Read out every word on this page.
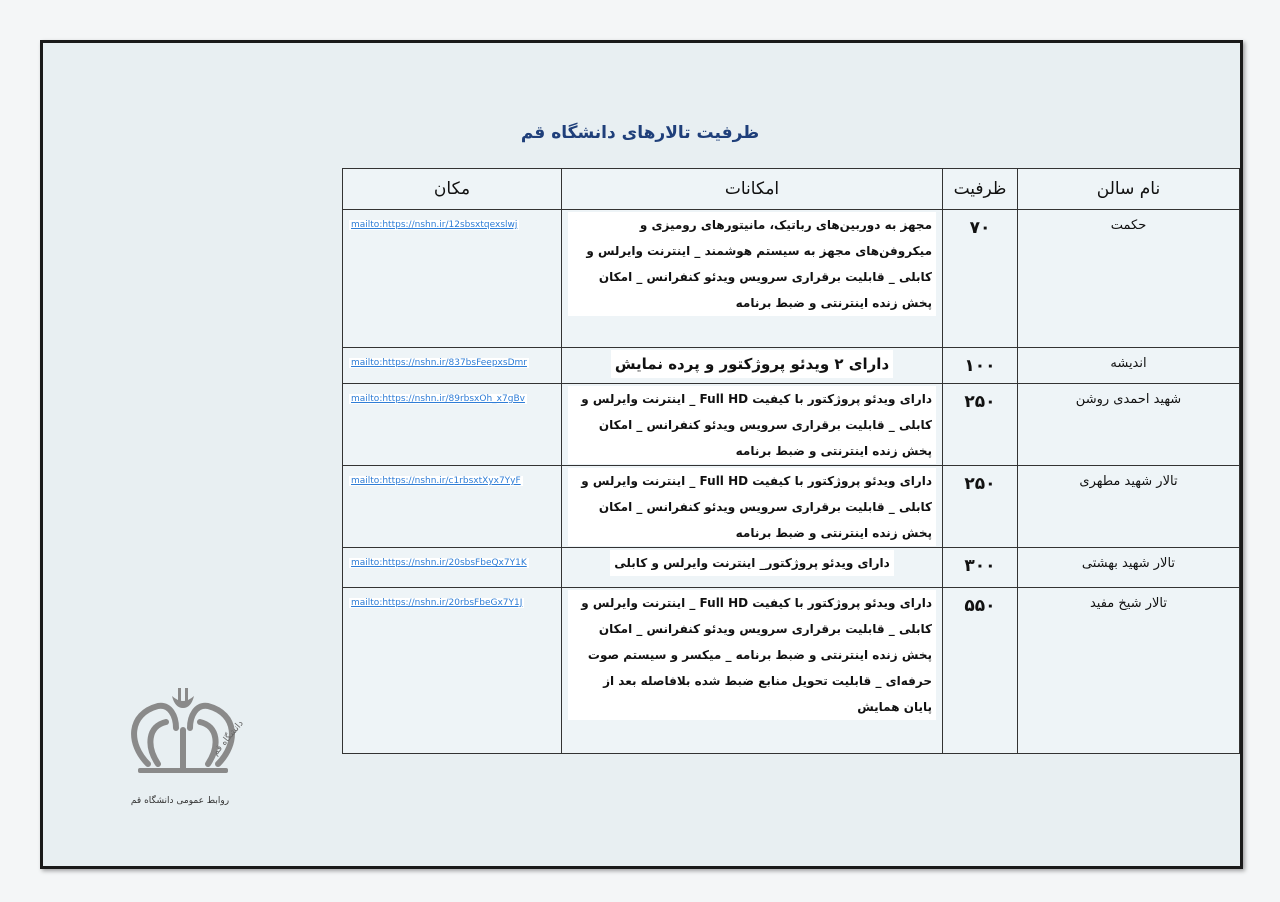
ظرفیت تالارهای دانشگاه قم
نام سالن	ظرفیت	امکانات	مکان
حکمت	۷۰	مجهز به دوربین‌های رباتیک، مانیتورهای رومیزی و میکروفن‌های مجهز به سیستم هوشمند _ اینترنت وایرلس و کابلی _ قابلیت برقراری سرویس ویدئو کنفرانس _ امکان پخش زنده اینترنتی و ضبط برنامه	mailto:https://nshn.ir/12sbsxtqexslwj
اندیشه	۱۰۰	دارای ۲ ویدئو پروژکتور و پرده نمایش	mailto:https://nshn.ir/837bsFeepxsDmr
شهید احمدی روشن	۲۵۰	دارای ویدئو پروژکتور با کیفیت Full HD _ اینترنت وایرلس و کابلی _ قابلیت برقراری سرویس ویدئو کنفرانس _ امکان پخش زنده اینترنتی و ضبط برنامه	mailto:https://nshn.ir/89rbsxOh_x7gBv
تالار شهید مطهری	۲۵۰	دارای ویدئو پروژکتور با کیفیت Full HD _ اینترنت وایرلس و کابلی _ قابلیت برقراری سرویس ویدئو کنفرانس _ امکان پخش زنده اینترنتی و ضبط برنامه	mailto:https://nshn.ir/c1rbsxtXyx7YyF
تالار شهید بهشتی	۳۰۰	دارای ویدئو پروژکتور_ اینترنت وایرلس و کابلی	mailto:https://nshn.ir/20sbsFbeQx7Y1K
تالار شیخ مفید	۵۵۰	دارای ویدئو پروژکتور با کیفیت Full HD _ اینترنت وایرلس و کابلی _ قابلیت برقراری سرویس ویدئو کنفرانس _ امکان پخش زنده اینترنتی و ضبط برنامه _ میکسر و سیستم صوت حرفه‌ای _ قابلیت تحویل منابع ضبط شده بلافاصله بعد از پایان همایش	mailto:https://nshn.ir/20rbsFbeGx7Y1J
دانشگاه قم
روابط عمومی دانشگاه قم
